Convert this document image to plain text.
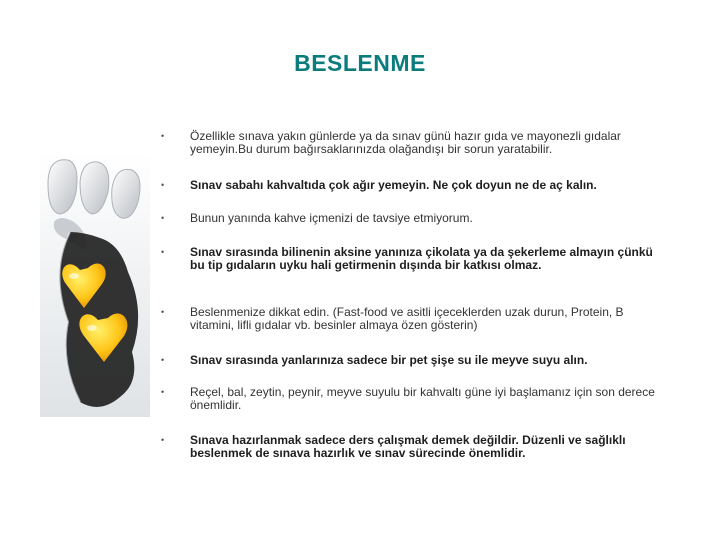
BESLENME
• Özellikle sınava yakın günlerde ya da sınav günü hazır gıda ve mayonezli gıdalar yemeyin.Bu durum bağırsaklarınızda olağandışı bir sorun yaratabilir.
• Sınav sabahı kahvaltıda çok ağır yemeyin. Ne çok doyun ne de aç kalın.
• Bunun yanında kahve içmenizi de tavsiye etmiyorum.
• Sınav sırasında bilinenin aksine yanınıza çikolata ya da şekerleme almayın çünkü bu tip gıdaların uyku hali getirmenin dışında bir katkısı olmaz.
• Beslenmenize dikkat edin. (Fast-food ve asitli içeceklerden uzak durun, Protein, B vitamini, lifli gıdalar vb. besinler almaya özen gösterin)
• Sınav sırasında yanlarınıza sadece bir pet şişe su ile meyve suyu alın.
• Reçel, bal, zeytin, peynir, meyve suyulu bir kahvaltı güne iyi başlamanız için son derece önemlidir.
• Sınava hazırlanmak sadece ders çalışmak demek değildir. Düzenli ve sağlıklı beslenmek de sınava hazırlık ve sınav sürecinde önemlidir.
